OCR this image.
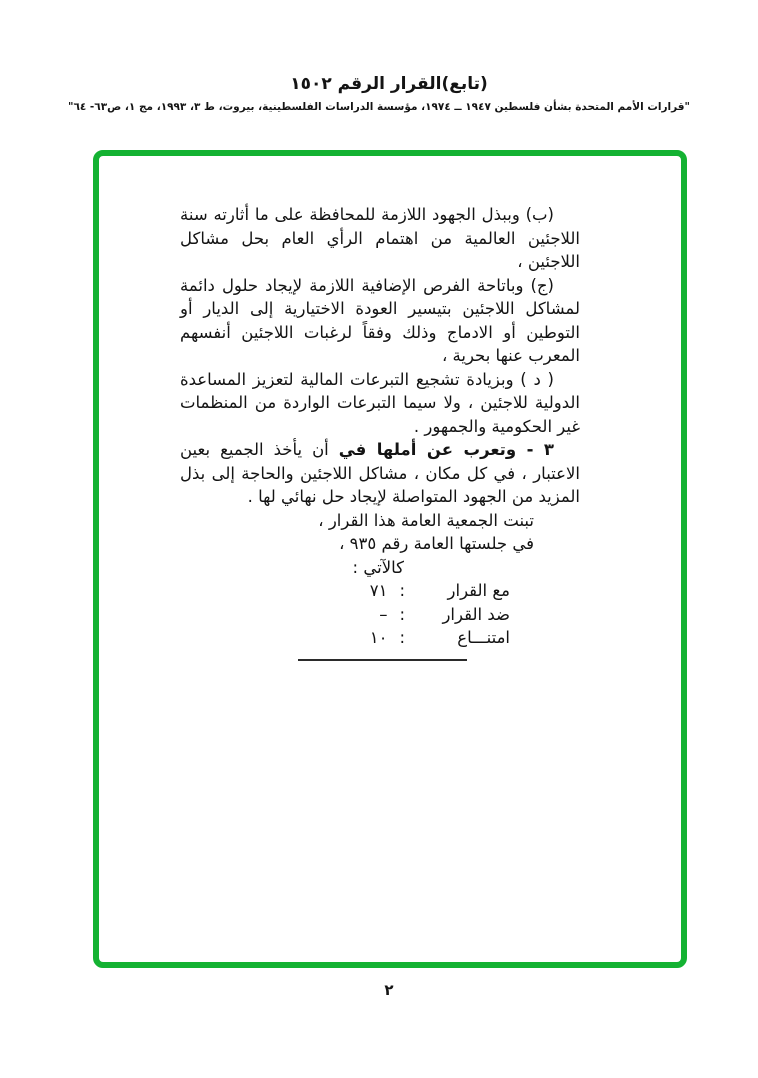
(تابع)القرار الرقم ١٥٠٢
"قرارات الأمم المتحدة بشأن فلسطين ١٩٤٧ ــ ١٩٧٤، مؤسسة الدراسات الفلسطينية، بيروت، ط ٣، ١٩٩٣، مج ١، ص٦٣- ٦٤"

(ب) وببذل الجهود اللازمة للمحافظة على ما أثارته سنة اللاجئين العالمية من اهتمام الرأي العام بحل مشاكل اللاجئين ،

(ج) وباتاحة الفرص الإضافية اللازمة لإيجاد حلول دائمة لمشاكل اللاجئين بتيسير العودة الاختيارية إلى الديار أو التوطين أو الادماج وذلك وفقاً لرغبات اللاجئين أنفسهم المعرب عنها بحرية ،

( د ) وبزيادة تشجيع التبرعات المالية لتعزيز المساعدة الدولية للاجئين ، ولا سيما التبرعات الواردة من المنظمات غير الحكومية والجمهور .

٣ - وتعرب عن أملها في أن يأخذ الجميع بعين الاعتبار ، في كل مكان ، مشاكل اللاجئين والحاجة إلى بذل المزيد من الجهود المتواصلة لإيجاد حل نهائي لها .

تبنت الجمعية العامة هذا القرار ،
في جلستها العامة رقم ٩٣٥ ،
كالآتي :
مع القرار
:
٧١
ضد القرار
:
–
امتنـــاع
:
١٠
٢
